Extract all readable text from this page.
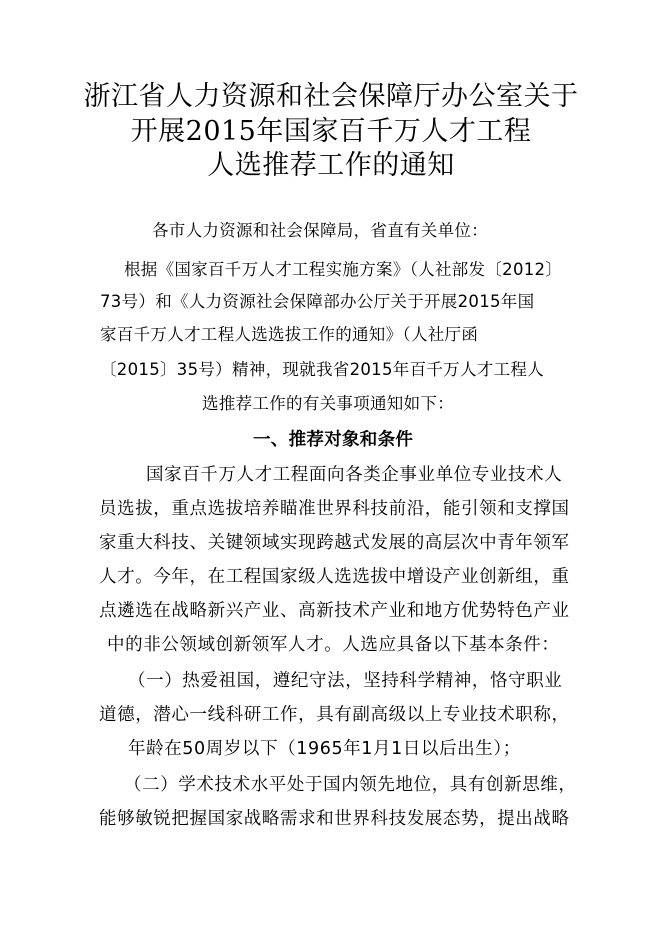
浙江省人力资源和社会保障厅办公室关于
开展2015年国家百千万人才工程
人选推荐工作的通知
各市人力资源和社会保障局，省直有关单位：
根据《国家百千万人才工程实施方案》（人社部发〔2012〕
73号）和《人力资源社会保障部办公厅关于开展2015年国
家百千万人才工程人选选拔工作的通知》（人社厅函
〔2015〕35号）精神，现就我省2015年百千万人才工程人
选推荐工作的有关事项通知如下：
一、推荐对象和条件
国家百千万人才工程面向各类企事业单位专业技术人
员选拔，重点选拔培养瞄准世界科技前沿，能引领和支撑国
家重大科技、关键领域实现跨越式发展的高层次中青年领军
人才。今年，在工程国家级人选选拔中增设产业创新组，重
点遴选在战略新兴产业、高新技术产业和地方优势特色产业
中的非公领域创新领军人才。人选应具备以下基本条件：
（一）热爱祖国，遵纪守法，坚持科学精神，恪守职业
道德，潜心一线科研工作，具有副高级以上专业技术职称，
年龄在50周岁以下（1965年1月1日以后出生）；
（二）学术技术水平处于国内领先地位，具有创新思维，
能够敏锐把握国家战略需求和世界科技发展态势，提出战略
